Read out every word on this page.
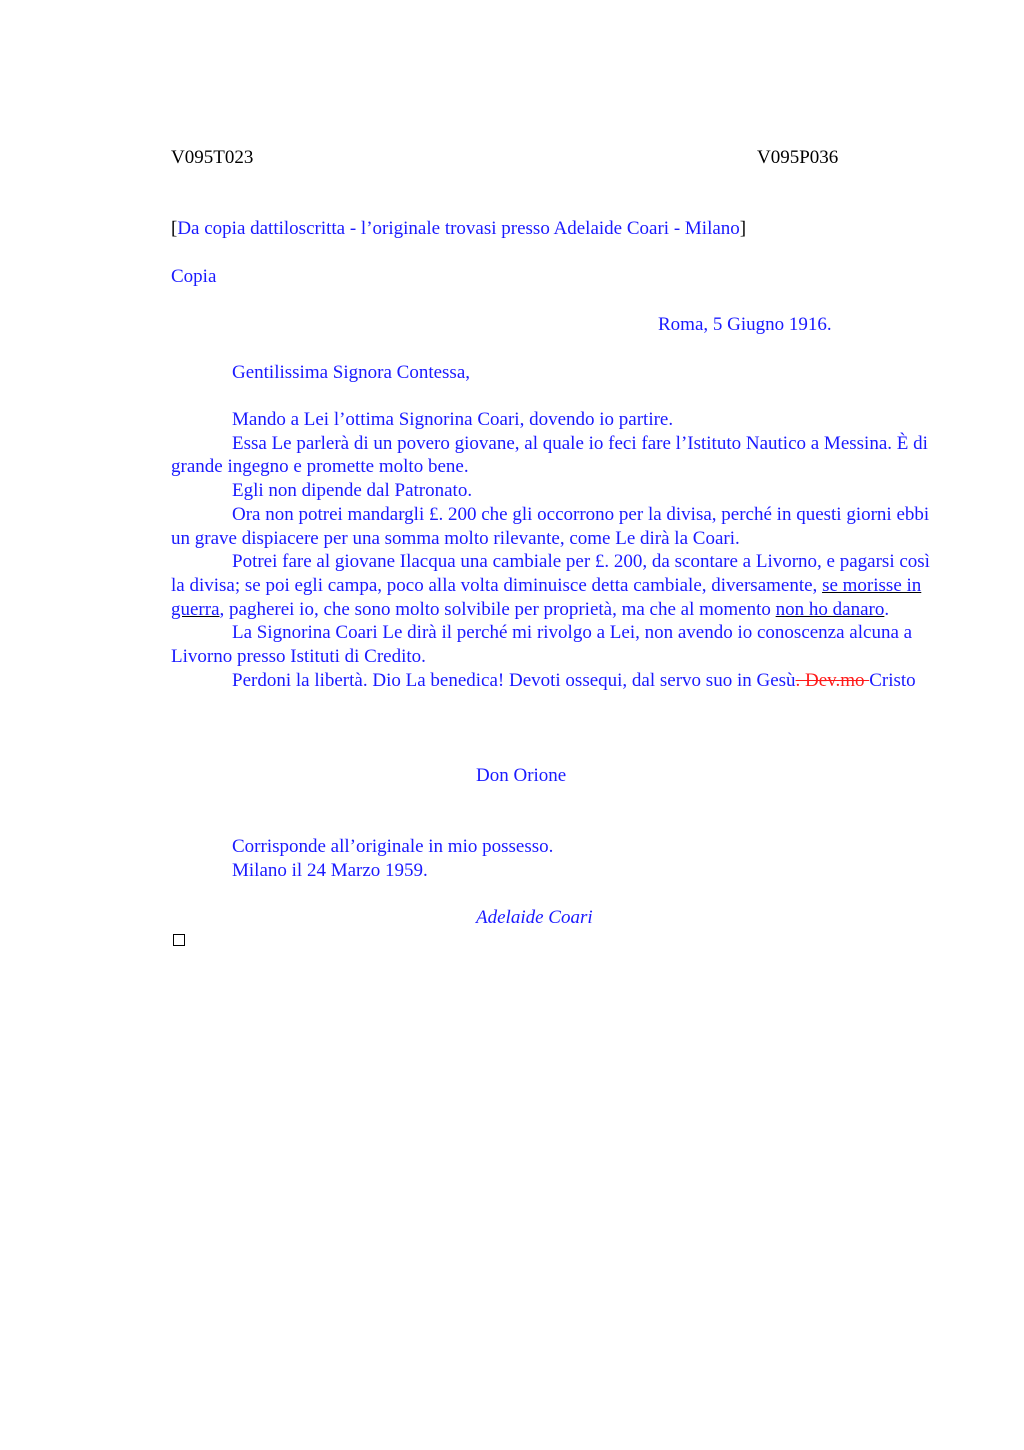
V095T023	V095P036
[Da copia dattiloscritta - l’originale trovasi presso Adelaide Coari - Milano]
Copia
Roma, 5 Giugno 1916.
Gentilissima Signora Contessa,
Mando a Lei l’ottima Signorina Coari, dovendo io partire.
Essa Le parlerà di un povero giovane, al quale io feci fare l’Istituto Nautico a Messina. È di grande ingegno e promette molto bene.
Egli non dipende dal Patronato.
Ora non potrei mandargli £. 200 che gli occorrono per la divisa, perché in questi giorni ebbi un grave dispiacere per una somma molto rilevante, come Le dirà la Coari.
Potrei fare al giovane Ilacqua una cambiale per £. 200, da scontare a Livorno, e pagarsi così la divisa; se poi egli campa, poco alla volta diminuisce detta cambiale, diversamente, se morisse in guerra, pagherei io, che sono molto solvibile per proprietà, ma che al momento non ho danaro.
La Signorina Coari Le dirà il perché mi rivolgo a Lei, non avendo io conoscenza alcuna a Livorno presso Istituti di Credito.
Perdoni la libertà. Dio La benedica! Devoti ossequi, dal servo suo in Gesù. Dev.mo Cristo
Don Orione
Corrisponde all’originale in mio possesso.
Milano il 24 Marzo 1959.
Adelaide Coari
